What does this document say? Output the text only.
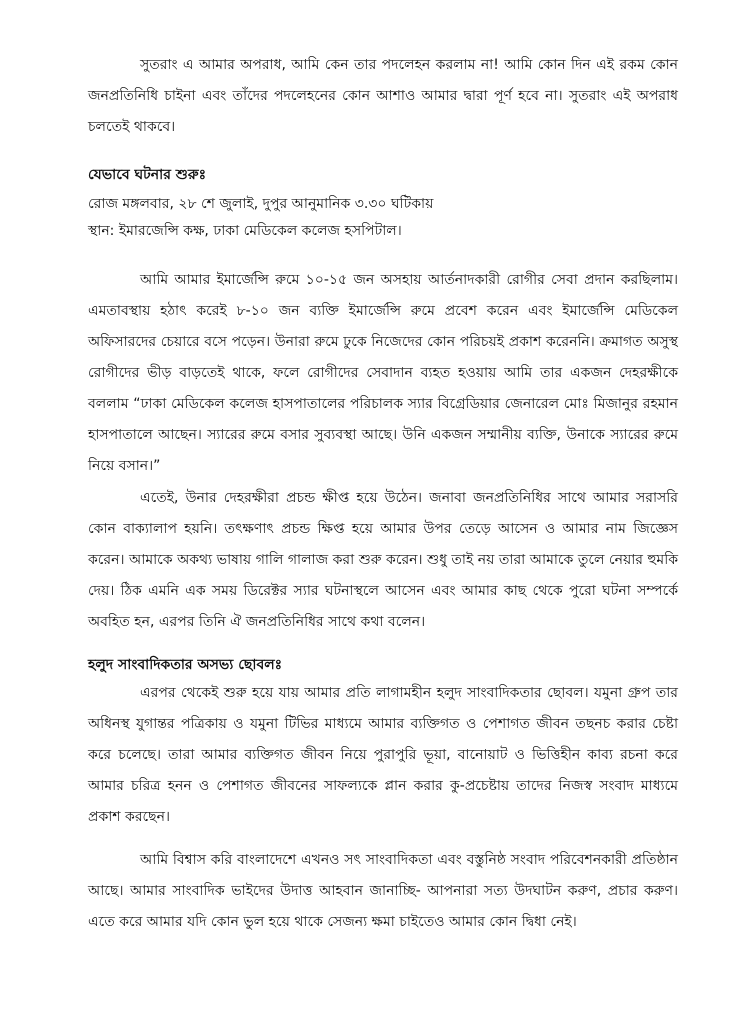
সুতরাং এ আমার অপরাধ, আমি কেন তার পদলেহন করলাম না! আমি কোন দিন এই রকম কোন জনপ্রতিনিধি চাইনা এবং তাঁদের পদলেহনের কোন আশাও আমার দ্বারা পূর্ণ হবে না। সুতরাং এই অপরাধ চলতেই থাকবে।

যেভাবে ঘটনার শুরুঃ

রোজ মঙ্গলবার, ২৮ শে জুলাই, দুপুর আনুমানিক ৩.৩০ ঘটিকায়

স্থান: ইমারজেন্সি কক্ষ, ঢাকা মেডিকেল কলেজ হসপিটাল।

আমি আমার ইমার্জেন্সি রুমে ১০-১৫ জন অসহায় আর্তনাদকারী রোগীর সেবা প্রদান করছিলাম। এমতাবস্থায় হঠাৎ করেই ৮-১০ জন ব্যক্তি ইমার্জেন্সি রুমে প্রবেশ করেন এবং ইমার্জেন্সি মেডিকেল অফিসারদের চেয়ারে বসে পড়েন। উনারা রুমে ঢুকে নিজেদের কোন পরিচয়ই প্রকাশ করেননি। ক্রমাগত অসুস্থ রোগীদের ভীড় বাড়তেই থাকে, ফলে রোগীদের সেবাদান ব্যহত হওয়ায় আমি তার একজন দেহরক্ষীকে বললাম “ঢাকা মেডিকেল কলেজ হাসপাতালের পরিচালক স্যার বিগ্রেডিয়ার জেনারেল মোঃ মিজানুর রহমান হাসপাতালে আছেন। স্যারের রুমে বসার সুব্যবস্থা আছে। উনি একজন সম্মানীয় ব্যক্তি, উনাকে স্যারের রুমে নিয়ে বসান।”

এতেই, উনার দেহরক্ষীরা প্রচন্ড ক্ষীপ্ত হয়ে উঠেন। জনাবা জনপ্রতিনিধির সাথে আমার সরাসরি কোন বাক্যালাপ হয়নি। তৎক্ষণাৎ প্রচন্ড ক্ষিপ্ত হয়ে আমার উপর তেড়ে আসেন ও আমার নাম জিজ্ঞেস করেন। আমাকে অকথ্য ভাষায় গালি গালাজ করা শুরু করেন। শুধু তাই নয় তারা আমাকে তুলে নেয়ার হুমকি দেয়। ঠিক এমনি এক সময় ডিরেক্টর স্যার ঘটনাস্থলে আসেন এবং আমার কাছ থেকে পুরো ঘটনা সম্পর্কে অবহিত হন, এরপর তিনি ঐ জনপ্রতিনিধির সাথে কথা বলেন।

হলুদ সাংবাদিকতার অসভ্য ছোবলঃ

এরপর থেকেই শুরু হয়ে যায় আমার প্রতি লাগামহীন হলুদ সাংবাদিকতার ছোবল। যমুনা গ্রুপ তার অধিনস্থ যুগান্তর পত্রিকায় ও যমুনা টিভির মাধ্যমে আমার ব্যক্তিগত ও পেশাগত জীবন তছনচ করার চেষ্টা করে চলেছে। তারা আমার ব্যক্তিগত জীবন নিয়ে পুরাপুরি ভূয়া, বানোয়াট ও ভিত্তিহীন কাব্য রচনা করে আমার চরিত্র হনন ও পেশাগত জীবনের সাফল্যকে প্লান করার কু-প্রচেষ্টায় তাদের নিজস্ব সংবাদ মাধ্যমে প্রকাশ করছেন।

আমি বিশ্বাস করি বাংলাদেশে এখনও সৎ সাংবাদিকতা এবং বস্তুনিষ্ঠ সংবাদ পরিবেশনকারী প্রতিষ্ঠান আছে। আমার সাংবাদিক ভাইদের উদাত্ত আহবান জানাচ্ছি- আপনারা সত্য উদঘাটন করুণ, প্রচার করুণ। এতে করে আমার যদি কোন ভুল হয়ে থাকে সেজন্য ক্ষমা চাইতেও আমার কোন দ্বিধা নেই।
